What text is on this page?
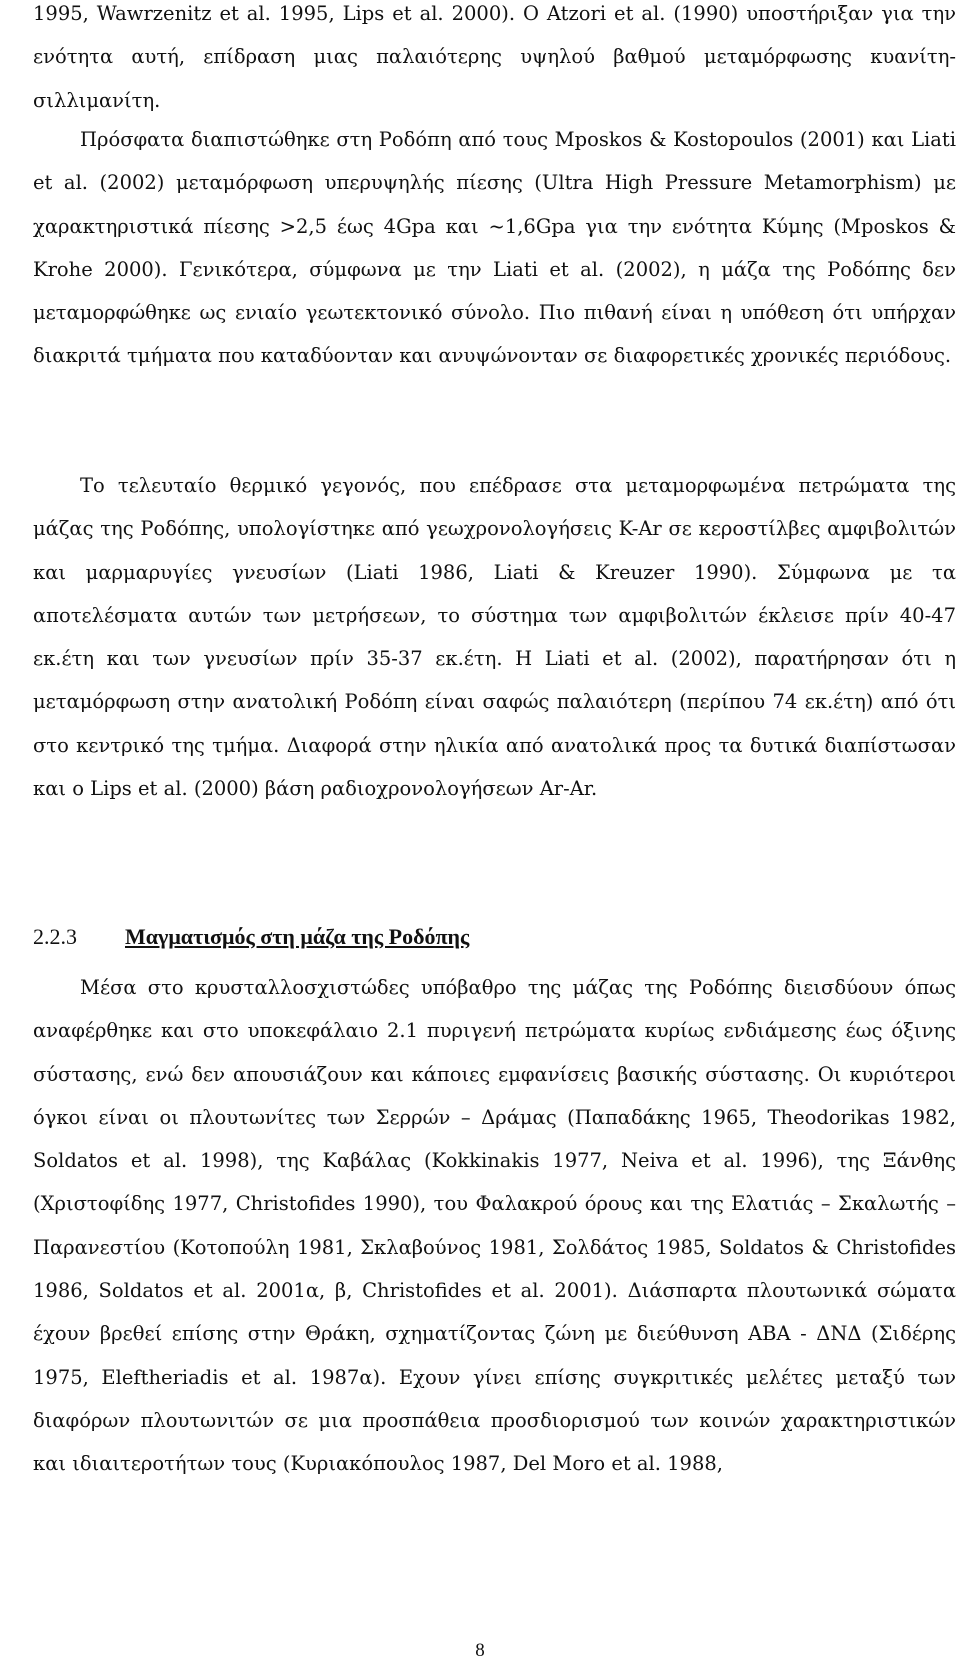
1995, Wawrzenitz et al. 1995, Lips et al. 2000). Ο Atzori et al. (1990) υποστήριξαν για την ενότητα αυτή, επίδραση μιας παλαιότερης υψηλού βαθμού μεταμόρφωσης κυανίτη-σιλλιμανίτη.

Πρόσφατα διαπιστώθηκε στη Ροδόπη από τους Mposkos & Kostopoulos (2001) και Liati et al. (2002) μεταμόρφωση υπερυψηλής πίεσης (Ultra High Pressure Metamorphism) με χαρακτηριστικά πίεσης >2,5 έως 4Gpa και ~1,6Gpa για την ενότητα Κύμης (Mposkos & Krohe 2000). Γενικότερα, σύμφωνα με την Liati et al. (2002), η μάζα της Ροδόπης δεν μεταμορφώθηκε ως ενιαίο γεωτεκτονικό σύνολο. Πιο πιθανή είναι η υπόθεση ότι υπήρχαν διακριτά τμήματα που καταδύονταν και ανυψώνονταν σε διαφορετικές χρονικές περιόδους.

Το τελευταίο θερμικό γεγονός, που επέδρασε στα μεταμορφωμένα πετρώματα της μάζας της Ροδόπης, υπολογίστηκε από γεωχρονολογήσεις K-Ar σε κεροστίλβες αμφιβολιτών και μαρμαρυγίες γνευσίων (Liati 1986, Liati & Kreuzer 1990). Σύμφωνα με τα αποτελέσματα αυτών των μετρήσεων, το σύστημα των αμφιβολιτών έκλεισε πρίν 40-47 εκ.έτη και των γνευσίων πρίν 35-37 εκ.έτη. Η Liati et al. (2002), παρατήρησαν ότι η μεταμόρφωση στην ανατολική Ροδόπη είναι σαφώς παλαιότερη (περίπου 74 εκ.έτη) από ότι στο κεντρικό της τμήμα. Διαφορά στην ηλικία από ανατολικά προς τα δυτικά διαπίστωσαν και ο Lips et al. (2000) βάση ραδιοχρονολογήσεων Ar-Ar.

2.2.3 Μαγματισμός στη μάζα της Ροδόπης

Μέσα στο κρυσταλλοσχιστώδες υπόβαθρο της μάζας της Ροδόπης διεισδύουν όπως αναφέρθηκε και στο υποκεφάλαιο 2.1 πυριγενή πετρώματα κυρίως ενδιάμεσης έως όξινης σύστασης, ενώ δεν απουσιάζουν και κάποιες εμφανίσεις βασικής σύστασης. Οι κυριότεροι όγκοι είναι οι πλουτωνίτες των Σερρών – Δράμας (Παπαδάκης 1965, Theodorikas 1982, Soldatos et al. 1998), της Καβάλας (Kokkinakis 1977, Neiva et al. 1996), της Ξάνθης (Χριστοφίδης 1977, Christofides 1990), του Φαλακρού όρους και της Ελατιάς – Σκαλωτής – Παρανεστίου (Κοτοπούλη 1981, Σκλαβούνος 1981, Σολδάτος 1985, Soldatos & Christofides 1986, Soldatos et al. 2001α, β, Christofides et al. 2001). Διάσπαρτα πλουτωνικά σώματα έχουν βρεθεί επίσης στην Θράκη, σχηματίζοντας ζώνη με διεύθυνση ΑΒΑ - ΔΝΔ (Σιδέρης 1975, Eleftheriadis et al. 1987α). Εχουν γίνει επίσης συγκριτικές μελέτες μεταξύ των διαφόρων πλουτωνιτών σε μια προσπάθεια προσδιορισμού των κοινών χαρακτηριστικών και ιδιαιτεροτήτων τους (Κυριακόπουλος 1987, Del Moro et al. 1988,

8
